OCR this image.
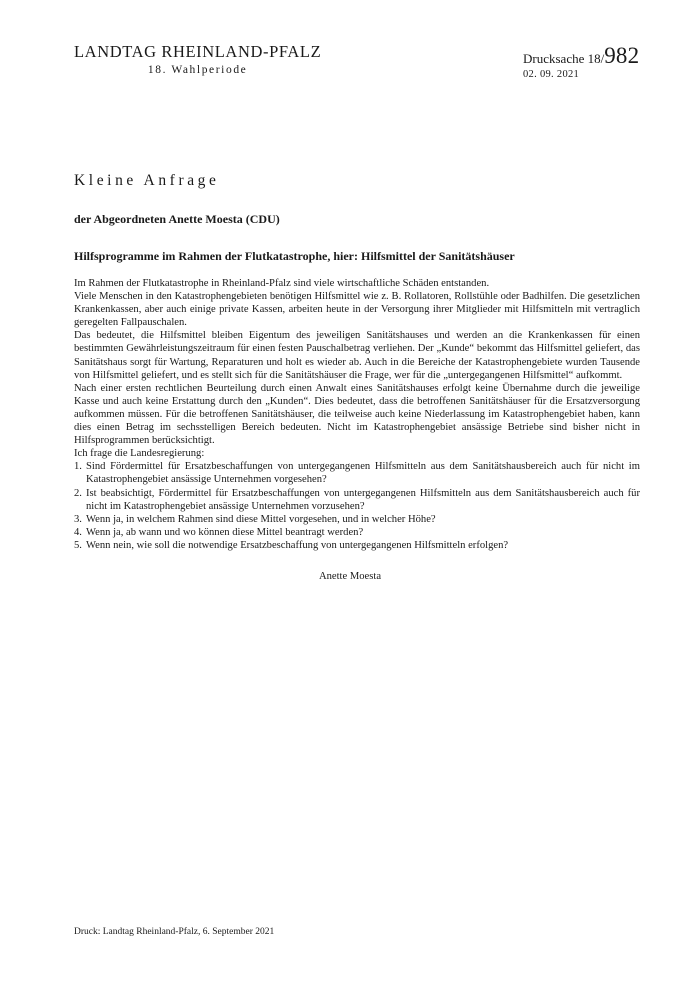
LANDTAG RHEINLAND-PFALZ
18. Wahlperiode
Drucksache 18/982
02. 09. 2021
Kleine Anfrage
der Abgeordneten Anette Moesta (CDU)
Hilfsprogramme im Rahmen der Flutkatastrophe, hier: Hilfsmittel der Sanitätshäuser

Im Rahmen der Flutkatastrophe in Rheinland-Pfalz sind viele wirtschaftliche Schäden entstanden.

Viele Menschen in den Katastrophengebieten benötigen Hilfsmittel wie z. B. Rollatoren, Rollstühle oder Badhilfen. Die gesetzlichen Krankenkassen, aber auch einige private Kassen, arbeiten heute in der Versorgung ihrer Mitglieder mit Hilfsmitteln mit vertraglich geregelten Fallpauschalen.

Das bedeutet, die Hilfsmittel bleiben Eigentum des jeweiligen Sanitätshauses und werden an die Krankenkassen für einen bestimmten Gewährleistungszeitraum für einen festen Pauschalbetrag verliehen. Der „Kunde“ bekommt das Hilfsmittel geliefert, das Sanitätshaus sorgt für Wartung, Reparaturen und holt es wieder ab. Auch in die Bereiche der Katastrophengebiete wurden Tausende von Hilfsmittel geliefert, und es stellt sich für die Sanitätshäuser die Frage, wer für die „untergegangenen Hilfsmittel“ aufkommt.

Nach einer ersten rechtlichen Beurteilung durch einen Anwalt eines Sanitätshauses erfolgt keine Übernahme durch die jeweilige Kasse und auch keine Erstattung durch den „Kunden“. Dies bedeutet, dass die betroffenen Sanitätshäuser für die Ersatzversorgung aufkommen müssen. Für die betroffenen Sanitätshäuser, die teilweise auch keine Niederlassung im Katastrophengebiet haben, kann dies einen Betrag im sechsstelligen Bereich bedeuten. Nicht im Katastrophengebiet ansässige Betriebe sind bisher nicht in Hilfsprogrammen berücksichtigt.

Ich frage die Landesregierung:

1. Sind Fördermittel für Ersatzbeschaffungen von untergegangenen Hilfsmitteln aus dem Sanitätshausbereich auch für nicht im Katastrophengebiet ansässige Unternehmen vorgesehen?
2. Ist beabsichtigt, Fördermittel für Ersatzbeschaffungen von untergegangenen Hilfsmitteln aus dem Sanitätshausbereich auch für nicht im Katastrophengebiet ansässige Unternehmen vorzusehen?
3. Wenn ja, in welchem Rahmen sind diese Mittel vorgesehen, und in welcher Höhe?
4. Wenn ja, ab wann und wo können diese Mittel beantragt werden?
5. Wenn nein, wie soll die notwendige Ersatzbeschaffung von untergegangenen Hilfsmitteln erfolgen?
Anette Moesta
Druck: Landtag Rheinland-Pfalz, 6. September 2021
